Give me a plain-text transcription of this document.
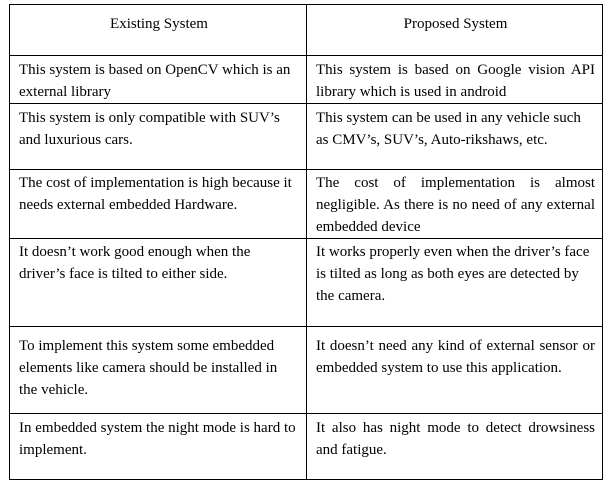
Existing System	Proposed System

This system is based on OpenCV which is an external library	This system is based on Google vision API library which is used in android

This system is only compatible with SUV’s and luxurious cars.	This system can be used in any vehicle such as CMV’s, SUV’s, Auto-rikshaws, etc.

The cost of implementation is high because it needs external embedded Hardware.	The cost of implementation is almost negligible. As there is no need of any external embedded device

It doesn’t work good enough when the driver’s face is tilted to either side.	It works properly even when the driver’s face is tilted as long as both eyes are detected by the camera.

To implement this system some embedded elements like camera should be installed in the vehicle.	It doesn’t need any kind of external sensor or embedded system to use this application.

In embedded system the night mode is hard to implement.	It also has night mode to detect drowsiness and fatigue.
